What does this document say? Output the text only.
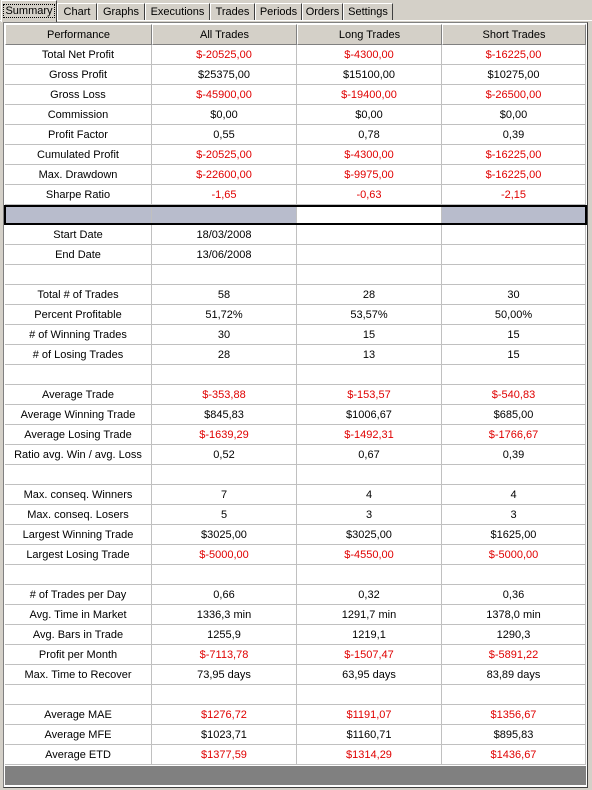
Summary	Chart	Graphs	Executions	Trades Periods Orders Settings
Performance	All Trades	Long Trades	Short Trades
Total Net Profit	$-20525,00	$-4300,00	$-16225,00
Gross Profit	$25375,00	$15100,00	$10275,00
Gross Loss	$-45900,00	$-19400,00	$-26500,00
Commission	$0,00	$0,00	$0,00
Profit Factor	0,55	0,78	0,39
Cumulated Profit	$-20525,00	$-4300,00	$-16225,00
Max. Drawdown	$-22600,00	$-9975,00	$-16225,00
Sharpe Ratio	-1,65	-0,63	-2,15
Start Date	18/03/2008
End Date	13/06/2008
Total # of Trades	58	28	30
Percent Profitable	51,72%	53,57%	50,00%
# of Winning Trades	30	15	15
# of Losing Trades	28	13	15
Average Trade	$-353,88	$-153,57	$-540,83
Average Winning Trade	$845,83	$1006,67	$685,00
Average Losing Trade	$-1639,29	$-1492,31	$-1766,67
Ratio avg. Win / avg. Loss	0,52	0,67	0,39
Max. conseq. Winners	7	4	4
Max. conseq. Losers	5	3	3
Largest Winning Trade	$3025,00	$3025,00	$1625,00
Largest Losing Trade	$-5000,00	$-4550,00	$-5000,00
# of Trades per Day	0,66	0,32	0,36
Avg. Time in Market	1336,3 min	1291,7 min	1378,0 min
Avg. Bars in Trade	1255,9	1219,1	1290,3
Profit per Month	$-7113,78	$-1507,47	$-5891,22
Max. Time to Recover	73,95 days	63,95 days	83,89 days
Average MAE	$1276,72	$1191,07	$1356,67
Average MFE	$1023,71	$1160,71	$895,83
Average ETD	$1377,59	$1314,29	$1436,67
